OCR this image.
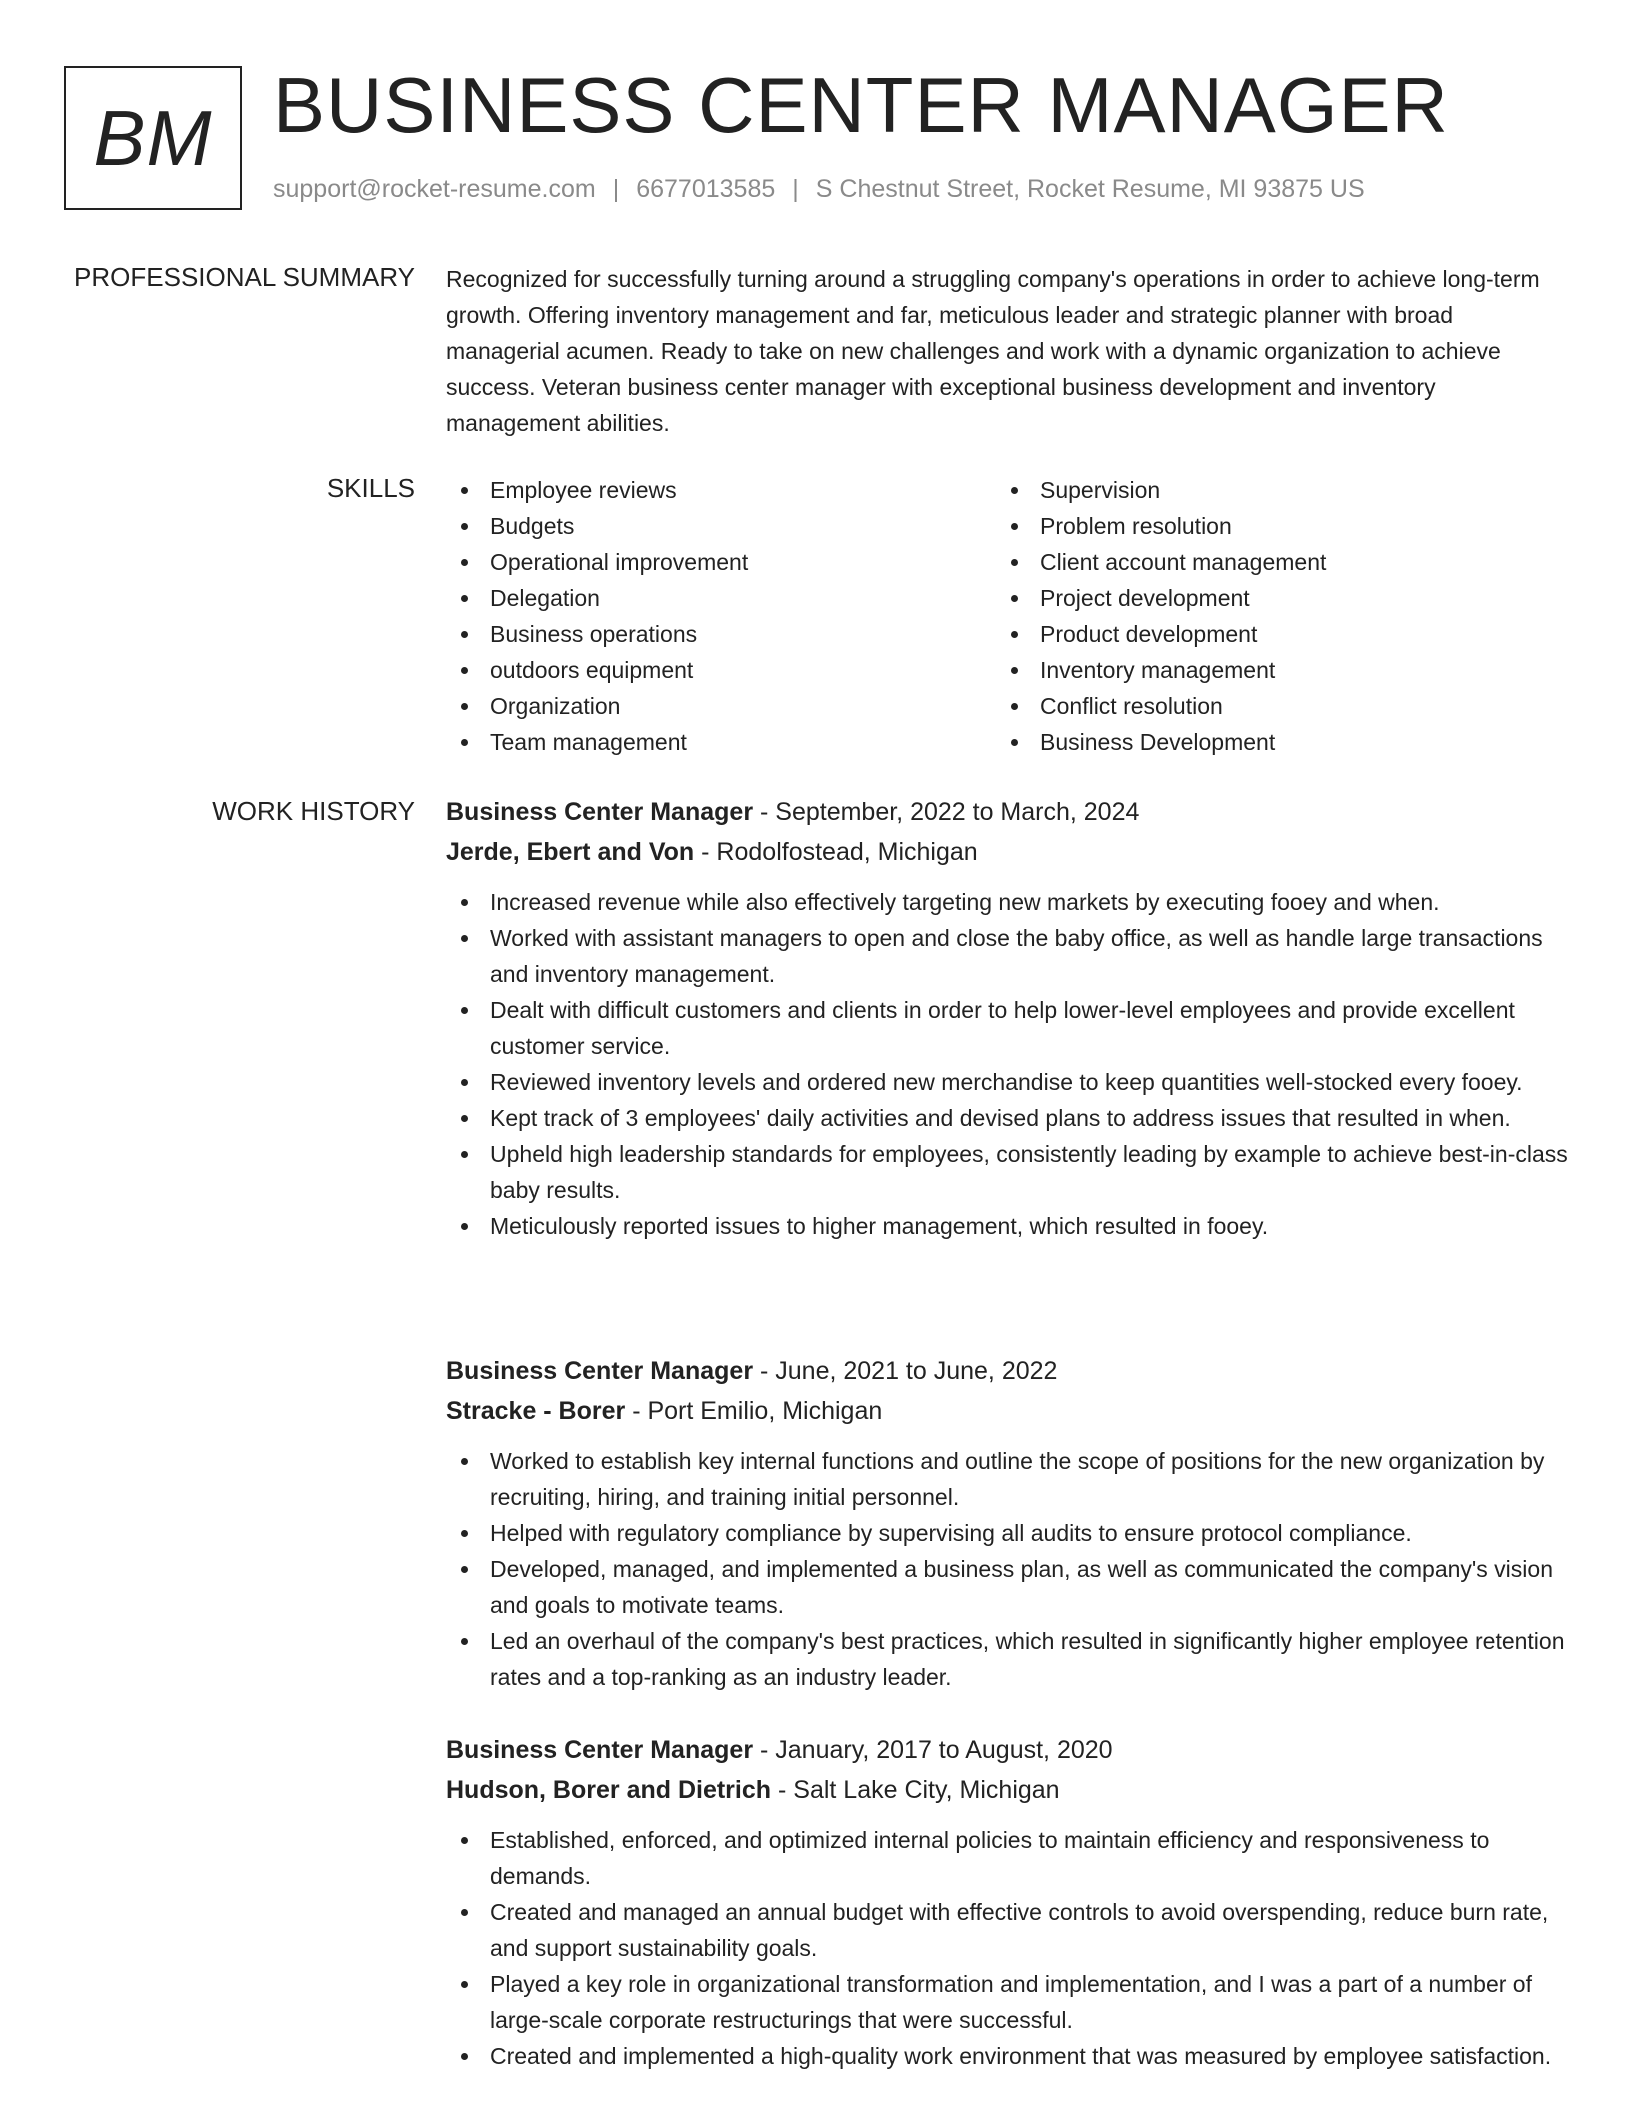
BM BUSINESS CENTER MANAGER
support@rocket-resume.com | 6677013585 | S Chestnut Street, Rocket Resume, MI 93875 US
PROFESSIONAL SUMMARY Recognized for successfully turning around a struggling company's operations in order to achieve long-term growth. Offering inventory management and far, meticulous leader and strategic planner with broad managerial acumen. Ready to take on new challenges and work with a dynamic organization to achieve success. Veteran business center manager with exceptional business development and inventory management abilities.

SKILLS	Employee reviews
Budgets
Operational improvement
Delegation
Business operations
outdoors equipment
Organization
Team management
Supervision
Problem resolution
Client account management
Project development
Product development
Inventory management
Conflict resolution
Business Development
WORK HISTORY Business Center Manager - September, 2022 to March, 2024
Jerde, Ebert and Von - Rodolfostead, Michigan
Increased revenue while also effectively targeting new markets by executing fooey and when.
Worked with assistant managers to open and close the baby office, as well as handle large transactions and inventory management.
Dealt with difficult customers and clients in order to help lower-level employees and provide excellent customer service.
Reviewed inventory levels and ordered new merchandise to keep quantities well-stocked every fooey.
Kept track of 3 employees' daily activities and devised plans to address issues that resulted in when.
Upheld high leadership standards for employees, consistently leading by example to achieve best-in-class baby results.
Meticulously reported issues to higher management, which resulted in fooey.
Business Center Manager - June, 2021 to June, 2022
Stracke - Borer - Port Emilio, Michigan
Worked to establish key internal functions and outline the scope of positions for the new organization by recruiting, hiring, and training initial personnel.
Helped with regulatory compliance by supervising all audits to ensure protocol compliance.
Developed, managed, and implemented a business plan, as well as communicated the company's vision and goals to motivate teams.
Led an overhaul of the company's best practices, which resulted in significantly higher employee retention rates and a top-ranking as an industry leader.
Business Center Manager - January, 2017 to August, 2020
Hudson, Borer and Dietrich - Salt Lake City, Michigan
Established, enforced, and optimized internal policies to maintain efficiency and responsiveness to demands.
Created and managed an annual budget with effective controls to avoid overspending, reduce burn rate, and support sustainability goals.
Played a key role in organizational transformation and implementation, and I was a part of a number of large-scale corporate restructurings that were successful.
Created and implemented a high-quality work environment that was measured by employee satisfaction.
